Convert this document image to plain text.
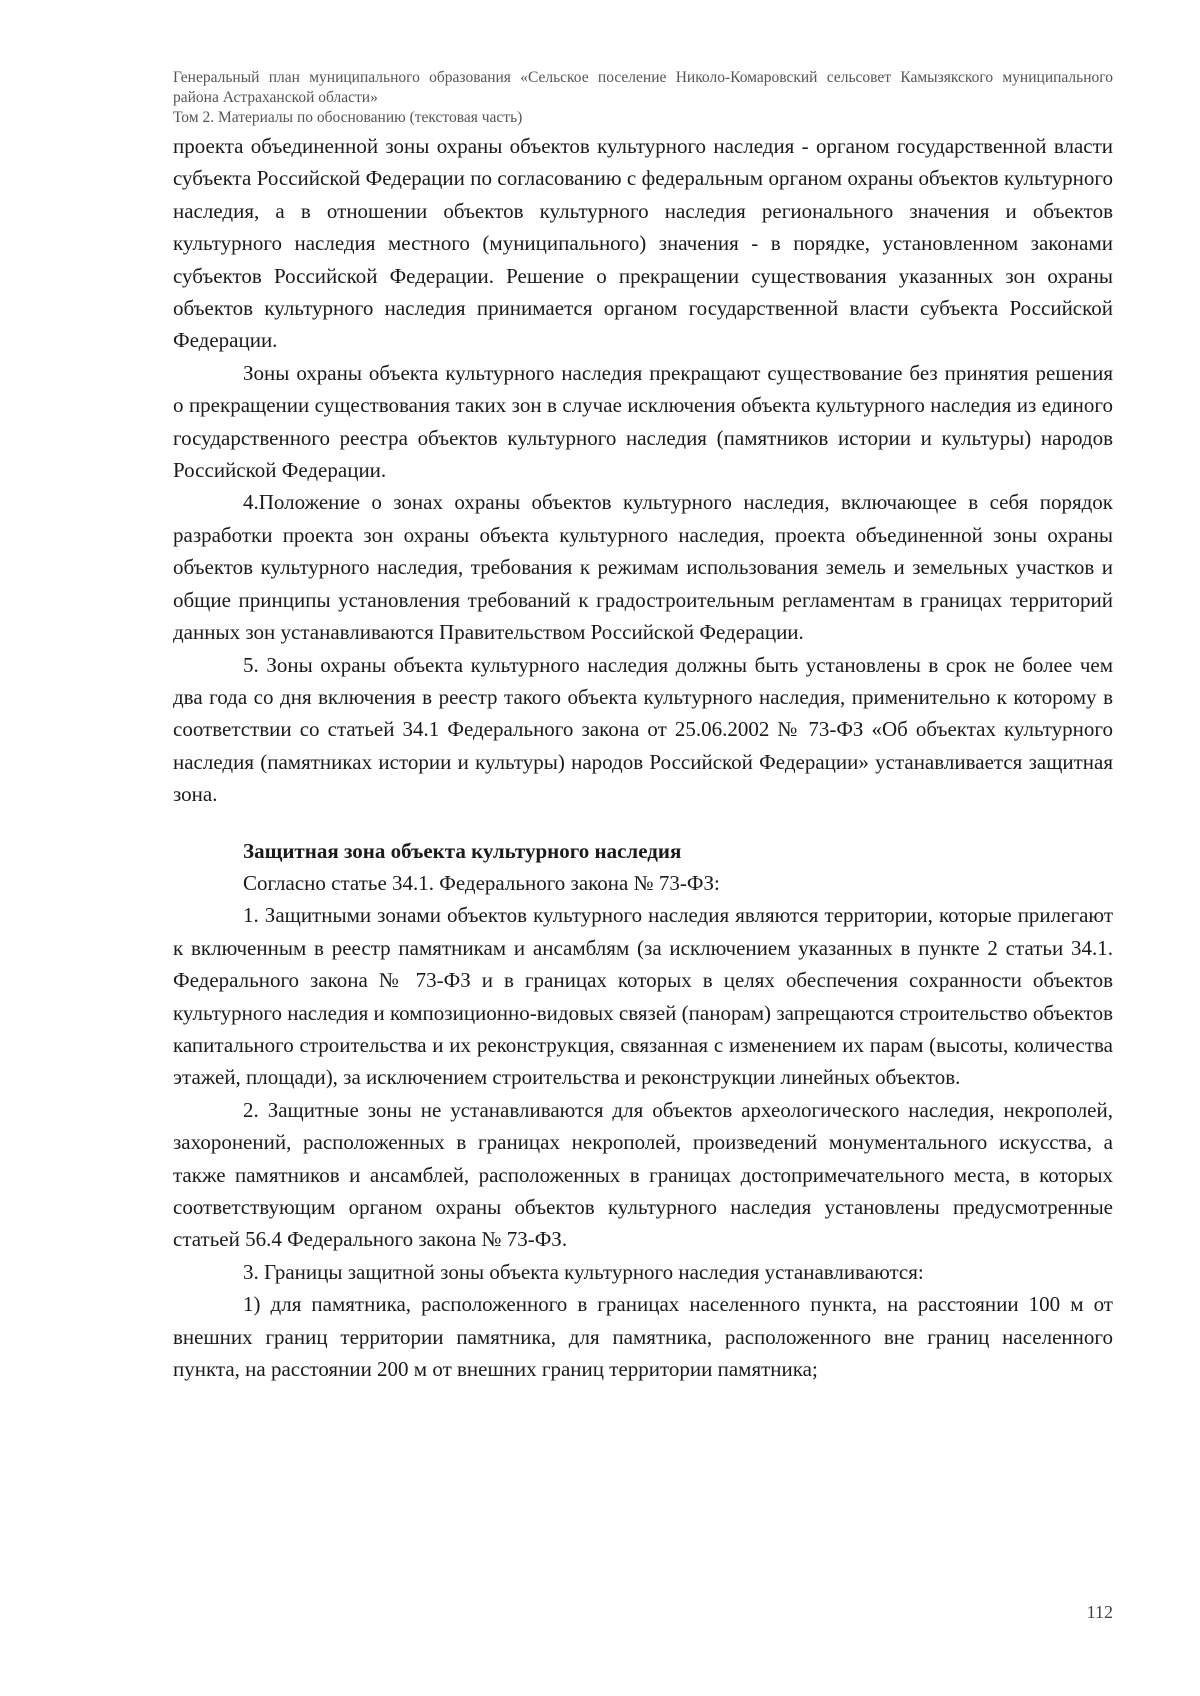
Генеральный план муниципального образования «Сельское поселение Николо-Комаровский сельсовет Камызякского муниципального района Астраханской области»
Том 2. Материалы по обоснованию (текстовая часть)

проекта объединенной зоны охраны объектов культурного наследия - органом государственной власти субъекта Российской Федерации по согласованию с федеральным органом охраны объектов культурного наследия, а в отношении объектов культурного наследия регионального значения и объектов культурного наследия местного (муниципального) значения - в порядке, установленном законами субъектов Российской Федерации. Решение о прекращении существования указанных зон охраны объектов культурного наследия принимается органом государственной власти субъекта Российской Федерации.

Зоны охраны объекта культурного наследия прекращают существование без принятия решения о прекращении существования таких зон в случае исключения объекта культурного наследия из единого государственного реестра объектов культурного наследия (памятников истории и культуры) народов Российской Федерации.

4.Положение о зонах охраны объектов культурного наследия, включающее в себя порядок разработки проекта зон охраны объекта культурного наследия, проекта объединенной зоны охраны объектов культурного наследия, требования к режимам использования земель и земельных участков и общие принципы установления требований к градостроительным регламентам в границах территорий данных зон устанавливаются Правительством Российской Федерации.

5. Зоны охраны объекта культурного наследия должны быть установлены в срок не более чем два года со дня включения в реестр такого объекта культурного наследия, применительно к которому в соответствии со статьей 34.1 Федерального закона от 25.06.2002 № 73-ФЗ «Об объектах культурного наследия (памятниках истории и культуры) народов Российской Федерации» устанавливается защитная зона.

Защитная зона объекта культурного наследия

Согласно статье 34.1. Федерального закона № 73-ФЗ:

1. Защитными зонами объектов культурного наследия являются территории, которые прилегают к включенным в реестр памятникам и ансамблям (за исключением указанных в пункте 2 статьи 34.1. Федерального закона № 73-ФЗ и в границах которых в целях обеспечения сохранности объектов культурного наследия и композиционно-видовых связей (панорам) запрещаются строительство объектов капитального строительства и их реконструкция, связанная с изменением их парам (высоты, количества этажей, площади), за исключением строительства и реконструкции линейных объектов.

2. Защитные зоны не устанавливаются для объектов археологического наследия, некрополей, захоронений, расположенных в границах некрополей, произведений монументального искусства, а также памятников и ансамблей, расположенных в границах достопримечательного места, в которых соответствующим органом охраны объектов культурного наследия установлены предусмотренные статьей 56.4 Федерального закона № 73-ФЗ.

3. Границы защитной зоны объекта культурного наследия устанавливаются:

1) для памятника, расположенного в границах населенного пункта, на расстоянии 100 м от внешних границ территории памятника, для памятника, расположенного вне границ населенного пункта, на расстоянии 200 м от внешних границ территории памятника;

112
